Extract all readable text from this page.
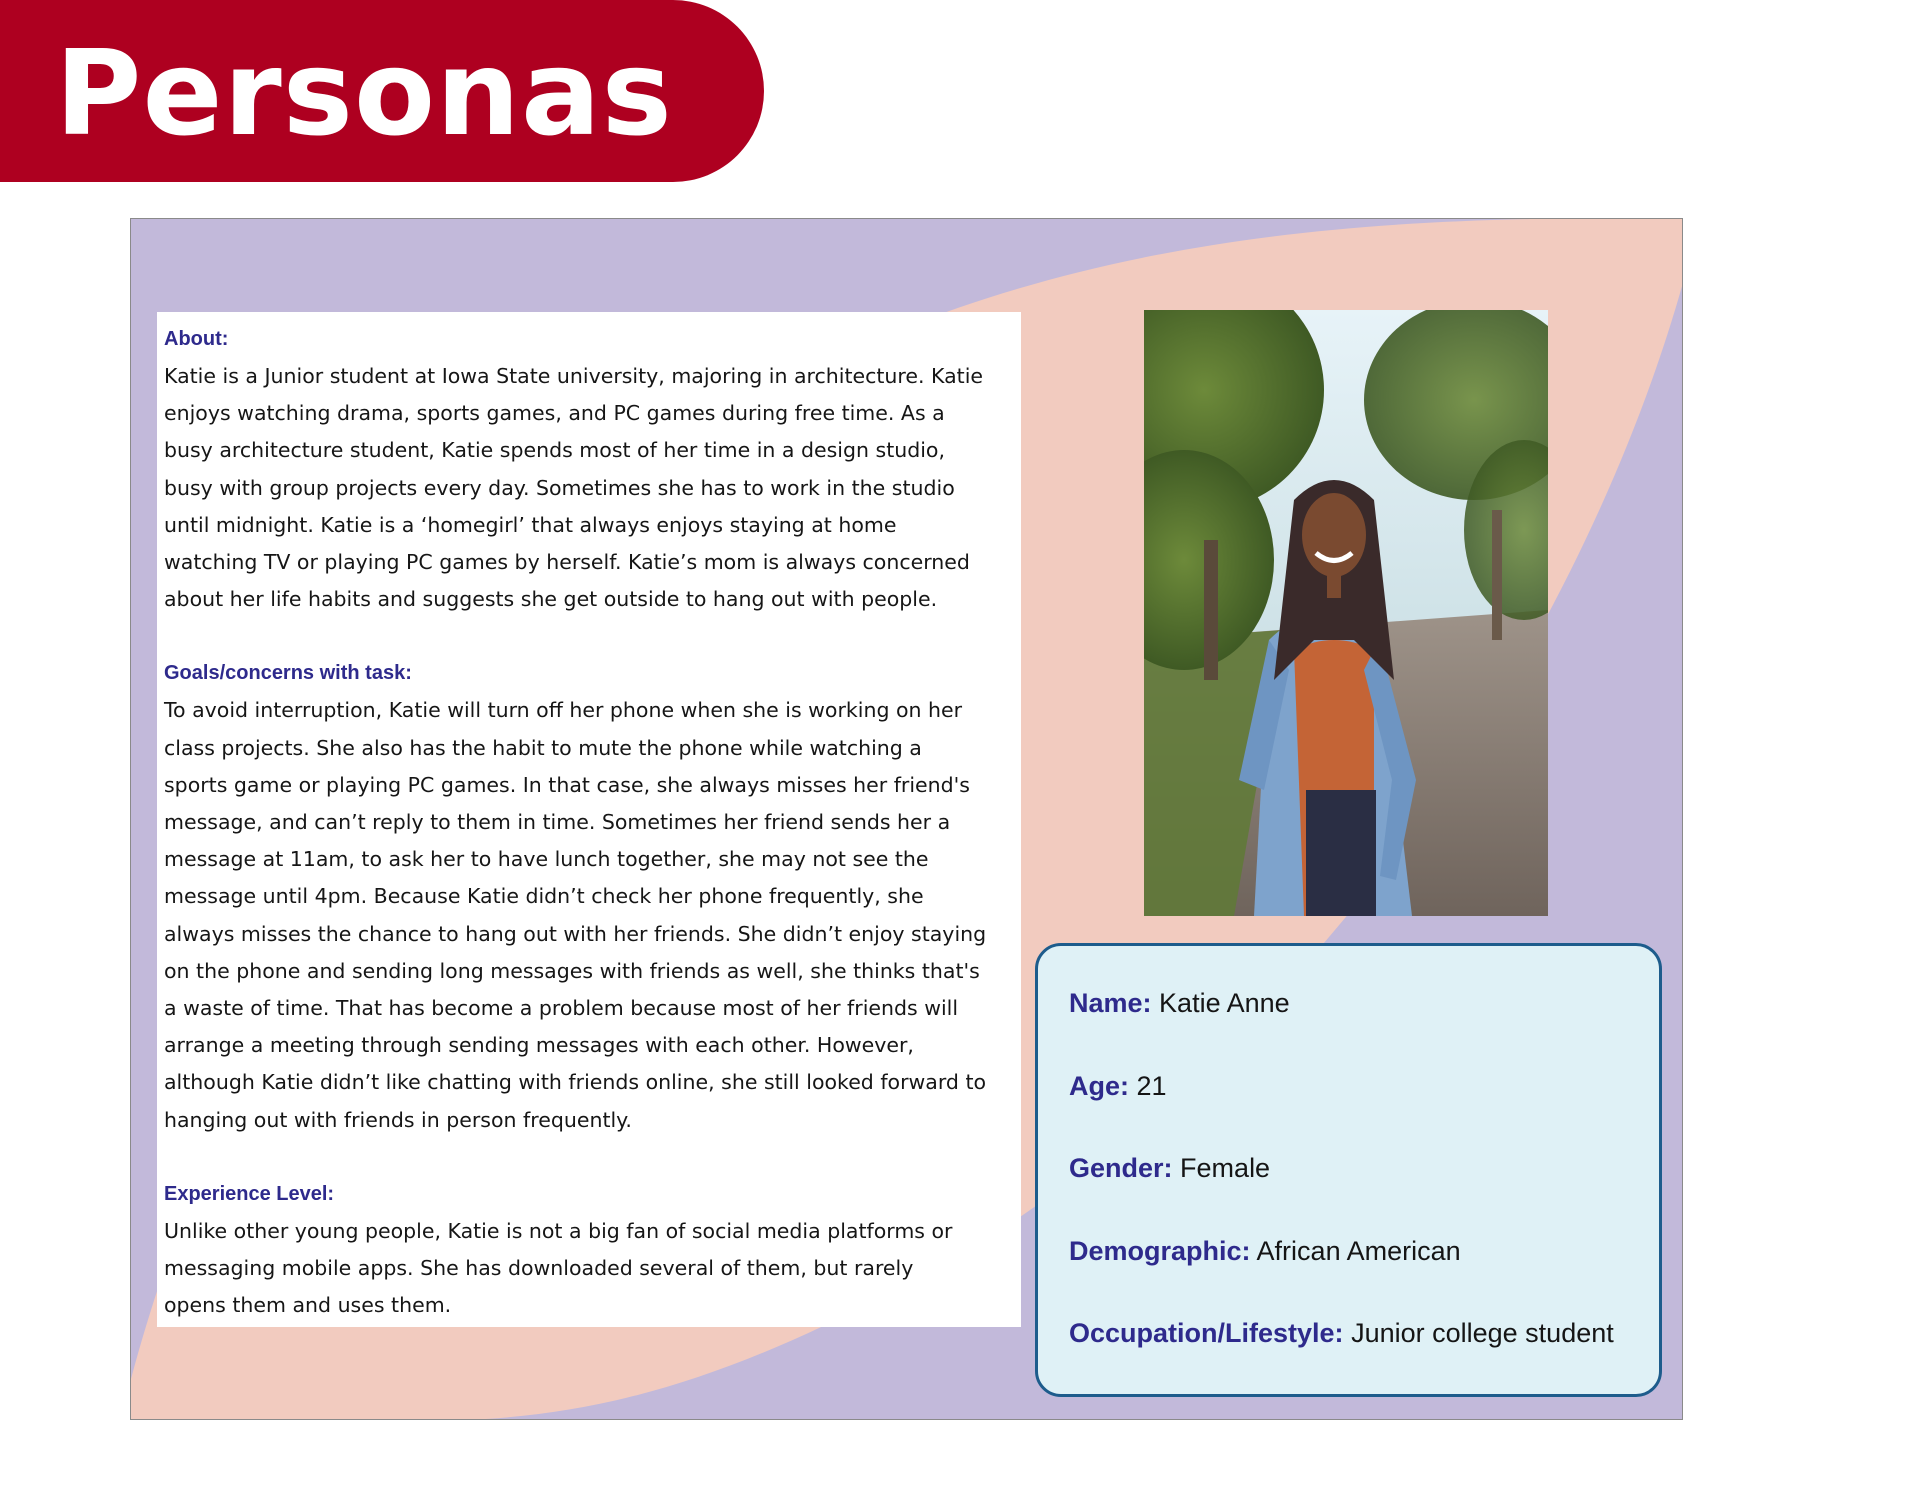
Personas
About:

Katie is a Junior student at Iowa State university, majoring in architecture. Katie
enjoys watching drama, sports games, and PC games during free time. As a
busy architecture student, Katie spends most of her time in a design studio,
busy with group projects every day. Sometimes she has to work in the studio
until midnight. Katie is a ‘homegirl’ that always enjoys staying at home
watching TV or playing PC games by herself. Katie’s mom is always concerned
about her life habits and suggests she get outside to hang out with people.

Goals/concerns with task:

To avoid interruption, Katie will turn off her phone when she is working on her
class projects. She also has the habit to mute the phone while watching a
sports game or playing PC games. In that case, she always misses her friend's
message, and can’t reply to them in time. Sometimes her friend sends her a
message at 11am, to ask her to have lunch together, she may not see the
message until 4pm. Because Katie didn’t check her phone frequently, she
always misses the chance to hang out with her friends. She didn’t enjoy staying
on the phone and sending long messages with friends as well, she thinks that's
a waste of time. That has become a problem because most of her friends will
arrange a meeting through sending messages with each other. However,
although Katie didn’t like chatting with friends online, she still looked forward to
hanging out with friends in person frequently.

Experience Level:

Unlike other young people, Katie is not a big fan of social media platforms or
messaging mobile apps. She has downloaded several of them, but rarely
opens them and uses them.

Name: Katie Anne
Age: 21
Gender: Female
Demographic: African American
Occupation/Lifestyle: Junior college student
